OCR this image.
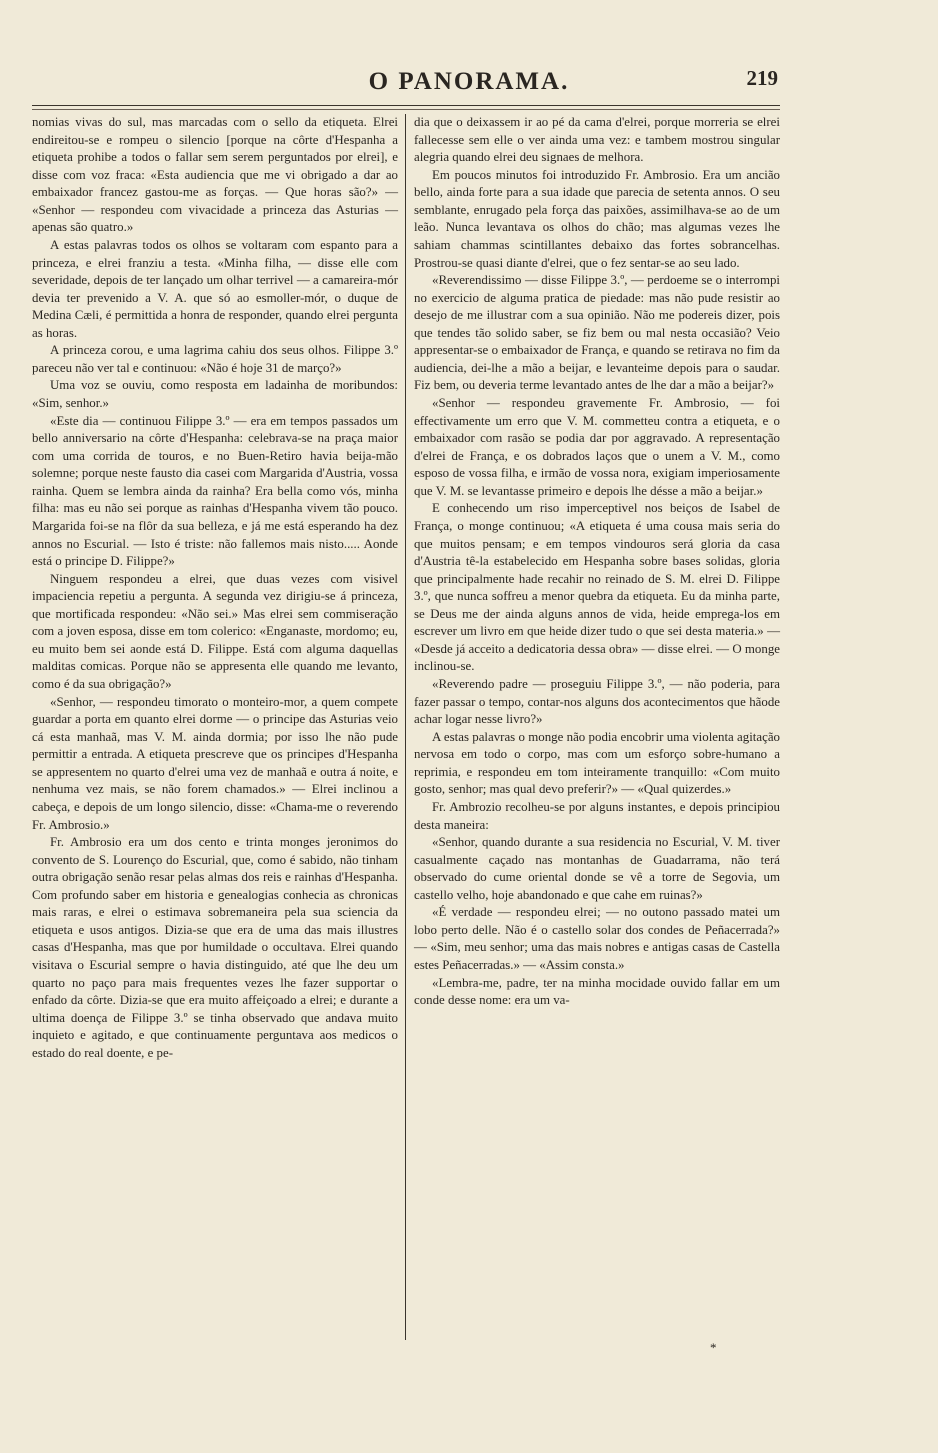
O PANORAMA.	219

nomias vivas do sul, mas marcadas com o sello da etiqueta. Elrei endireitou-se e rompeu o silencio [porque na côrte d'Hespanha a etiqueta prohibe a todos o fallar sem serem perguntados por elrei], e disse com voz fraca: «Esta audiencia que me vi obrigado a dar ao embaixador francez gastou-me as forças. — Que horas são?» — «Senhor — respondeu com vivacidade a princeza das Asturias — apenas são quatro.»

A estas palavras todos os olhos se voltaram com espanto para a princeza, e elrei franziu a testa. «Minha filha, — disse elle com severidade, depois de ter lançado um olhar terrivel — a camareira-mór devia ter prevenido a V. A. que só ao esmoller-mór, o duque de Medina Cæli, é permittida a honra de responder, quando elrei pergunta as horas.

A princeza corou, e uma lagrima cahiu dos seus olhos. Filippe 3.º pareceu não ver tal e continuou: «Não é hoje 31 de março?»

Uma voz se ouviu, como resposta em ladainha de moribundos: «Sim, senhor.»

«Este dia — continuou Filippe 3.º — era em tempos passados um bello anniversario na côrte d'Hespanha: celebrava-se na praça maior com uma corrida de touros, e no Buen-Retiro havia beija-mão solemne; porque neste fausto dia casei com Margarida d'Austria, vossa rainha. Quem se lembra ainda da rainha? Era bella como vós, minha filha: mas eu não sei porque as rainhas d'Hespanha vivem tão pouco. Margarida foi-se na flôr da sua belleza, e já me está esperando ha dez annos no Escurial. — Isto é triste: não fallemos mais nisto..... Aonde está o principe D. Filippe?»

Ninguem respondeu a elrei, que duas vezes com visivel impaciencia repetiu a pergunta. A segunda vez dirigiu-se á princeza, que mortificada respondeu: «Não sei.» Mas elrei sem commiseração com a joven esposa, disse em tom colerico: «Enganaste, mordomo; eu, eu muito bem sei aonde está D. Filippe. Está com alguma daquellas malditas comicas. Porque não se appresenta elle quando me levanto, como é da sua obrigação?»

«Senhor, — respondeu timorato o monteiro-mor, a quem compete guardar a porta em quanto elrei dorme — o principe das Asturias veio cá esta manhaã, mas V. M. ainda dormia; por isso lhe não pude permittir a entrada. A etiqueta prescreve que os principes d'Hespanha se appresentem no quarto d'elrei uma vez de manhaã e outra á noite, e nenhuma vez mais, se não forem chamados.» — Elrei inclinou a cabeça, e depois de um longo silencio, disse: «Chama-me o reverendo Fr. Ambrosio.»

Fr. Ambrosio era um dos cento e trinta monges jeronimos do convento de S. Lourenço do Escurial, que, como é sabido, não tinham outra obrigação senão resar pelas almas dos reis e rainhas d'Hespanha. Com profundo saber em historia e genealogias conhecia as chronicas mais raras, e elrei o estimava sobremaneira pela sua sciencia da etiqueta e usos antigos. Dizia-se que era de uma das mais illustres casas d'Hespanha, mas que por humildade o occultava. Elrei quando visitava o Escurial sempre o havia distinguido, até que lhe deu um quarto no paço para mais frequentes vezes lhe fazer supportar o enfado da côrte. Dizia-se que era muito affeiçoado a elrei; e durante a ultima doença de Filippe 3.º se tinha observado que andava muito inquieto e agitado, e que continuamente perguntava aos medicos o estado do real doente, e pe-

dia que o deixassem ir ao pé da cama d'elrei, porque morreria se elrei fallecesse sem elle o ver ainda uma vez: e tambem mostrou singular alegria quando elrei deu signaes de melhora.

Em poucos minutos foi introduzido Fr. Ambrosio. Era um ancião bello, ainda forte para a sua idade que parecia de setenta annos. O seu semblante, enrugado pela força das paixões, assimilhava-se ao de um leão. Nunca levantava os olhos do chão; mas algumas vezes lhe sahiam chammas scintillantes debaixo das fortes sobrancelhas. Prostrou-se quasi diante d'elrei, que o fez sentar-se ao seu lado.

«Reverendissimo — disse Filippe 3.º, — perdoeme se o interrompi no exercicio de alguma pratica de piedade: mas não pude resistir ao desejo de me illustrar com a sua opinião. Não me podereis dizer, pois que tendes tão solido saber, se fiz bem ou mal nesta occasião? Veio appresentar-se o embaixador de França, e quando se retirava no fim da audiencia, dei-lhe a mão a beijar, e levanteime depois para o saudar. Fiz bem, ou deveria terme levantado antes de lhe dar a mão a beijar?»

«Senhor — respondeu gravemente Fr. Ambrosio, — foi effectivamente um erro que V. M. commetteu contra a etiqueta, e o embaixador com rasão se podia dar por aggravado. A representação d'elrei de França, e os dobrados laços que o unem a V. M., como esposo de vossa filha, e irmão de vossa nora, exigiam imperiosamente que V. M. se levantasse primeiro e depois lhe désse a mão a beijar.»

E conhecendo um riso imperceptivel nos beiços de Isabel de França, o monge continuou; «A etiqueta é uma cousa mais seria do que muitos pensam; e em tempos vindouros será gloria da casa d'Austria tê-la estabelecido em Hespanha sobre bases solidas, gloria que principalmente hade recahir no reinado de S. M. elrei D. Filippe 3.º, que nunca soffreu a menor quebra da etiqueta. Eu da minha parte, se Deus me der ainda alguns annos de vida, heide emprega-los em escrever um livro em que heide dizer tudo o que sei desta materia.» — «Desde já acceito a dedicatoria dessa obra» — disse elrei. — O monge inclinou-se.

«Reverendo padre — proseguiu Filippe 3.º, — não poderia, para fazer passar o tempo, contar-nos alguns dos acontecimentos que hãode achar logar nesse livro?»

A estas palavras o monge não podia encobrir uma violenta agitação nervosa em todo o corpo, mas com um esforço sobre-humano a reprimia, e respondeu em tom inteiramente tranquillo: «Com muito gosto, senhor; mas qual devo preferir?» — «Qual quizerdes.»

Fr. Ambrozio recolheu-se por alguns instantes, e depois principiou desta maneira:

«Senhor, quando durante a sua residencia no Escurial, V. M. tiver casualmente caçado nas montanhas de Guadarrama, não terá observado do cume oriental donde se vê a torre de Segovia, um castello velho, hoje abandonado e que cahe em ruinas?»

«É verdade — respondeu elrei; — no outono passado matei um lobo perto delle. Não é o castello solar dos condes de Peñacerrada?» — «Sim, meu senhor; uma das mais nobres e antigas casas de Castella estes Peñacerradas.» — «Assim consta.»

«Lembra-me, padre, ter na minha mocidade ouvido fallar em um conde desse nome: era um va-

*
